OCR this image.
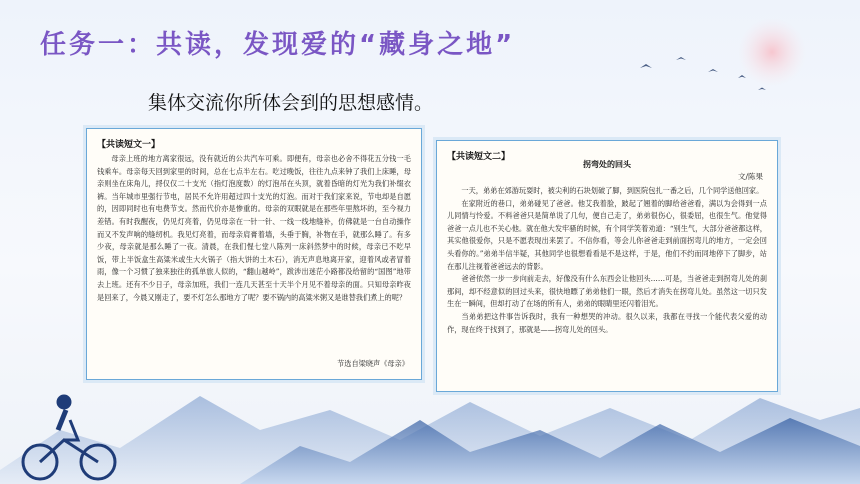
任务一：共读，发现爱的“藏身之地”
集体交流你所体会到的思想感情。
【共读短文一】

母亲上班的地方离家很远，没有就近的公共汽车可乘。即便有，母亲也必舍不得花五分钱一毛钱乘车。母亲每天回到家里的时间，总在七点半左右。吃过晚饭，往往九点来钟了我们上床睡，母亲则坐在床角儿，捋仅仅二十支光（指灯泡度数）的灯泡吊在头顶，就着昏暗的灯光为我们补缀衣裤。当年城市里强行节电，居民不允许用超过四十支光的灯泡。而对于我们家来说，节电却是自愿的，因即同时也有电费节支。然而代价亦是惨重的。母亲的双眼就是在那些年里熬坏的，至今视力差错。有时我醒夜，仍见灯亮着，仍见母亲在一针一针、一线一线地缝补，仿佛就是一台自动操作而又不发声响的缝纫机。我见灯亮着，而母亲肩膏着墙，头垂于胸，补物在手，就那么睡了。有多少夜，母亲就是那么睡了一夜。清晨，在我们惺七堂八陈列一床斜然梦中的时候，母亲已不吃早饭，带上半饭盒生高粱米或生大火锅子（指大饼的土木石），消无声息地离开家，迎着风或者冒着雨，像一个习惯了独来独往的孤单旅人似的，“翻山越岭”，跋涉出迷茫小路都没给留的“国图”地带去上班。还有不少日子，母亲加班，我们一连几天甚至十天半个月见不着母亲的面。只知母亲昨夜是回来了，今晨又刚走了，要不灯怎么那地方了呢？要不锅内的高粱米粥又是谁替我们煮上的呢？

节选自梁晓声《母亲》
【共读短文二】
拐弯处的回头
文/陈果

一天，弟弟在郊游玩耍时，被尖利的石块划破了脚，到医院包扎一番之后，几个同学送他回家。

在家附近的巷口，弟弟碰见了爸爸。他艾我着脸，跛起了翘着的脚给爸爸看，满以为会得到一点儿同情与怜爱。不料爸爸只是简单说了几句，便自己走了，弟弟很伤心，很委屈，也很生气。他觉得爸爸一点儿也不关心他。就在他大发牢骚的时候，有个同学笑着劝道：“别生气，大部分爸爸都这样，其实他很爱你，只是不愿表现出来罢了。不信你看，等会儿你爸爸走到前面拐弯儿的地方，一定会回头看你的。”弟弟半信半疑，其他同学也很想看看是不是这样，于是，他们不约而同地停下了脚步，站在那儿注视着爸爸远去的背影。

爸爸依然一步一步向前走去，好像没有什么东西会让他回头……可是，当爸爸走到拐弯儿处的刹那间，却不经意似的回过头来，很快地瞟了弟弟他们一眼，然后才消失在拐弯儿处。虽然这一切只发生在一瞬间，但却打动了在场的所有人，弟弟的眼睛里还闪着泪光。

当弟弟把这件事告诉我时，我有一种想哭的冲动。很久以来，我都在寻找一个能代表父爱的动作，现在终于找到了，那就是——拐弯儿处的回头。
